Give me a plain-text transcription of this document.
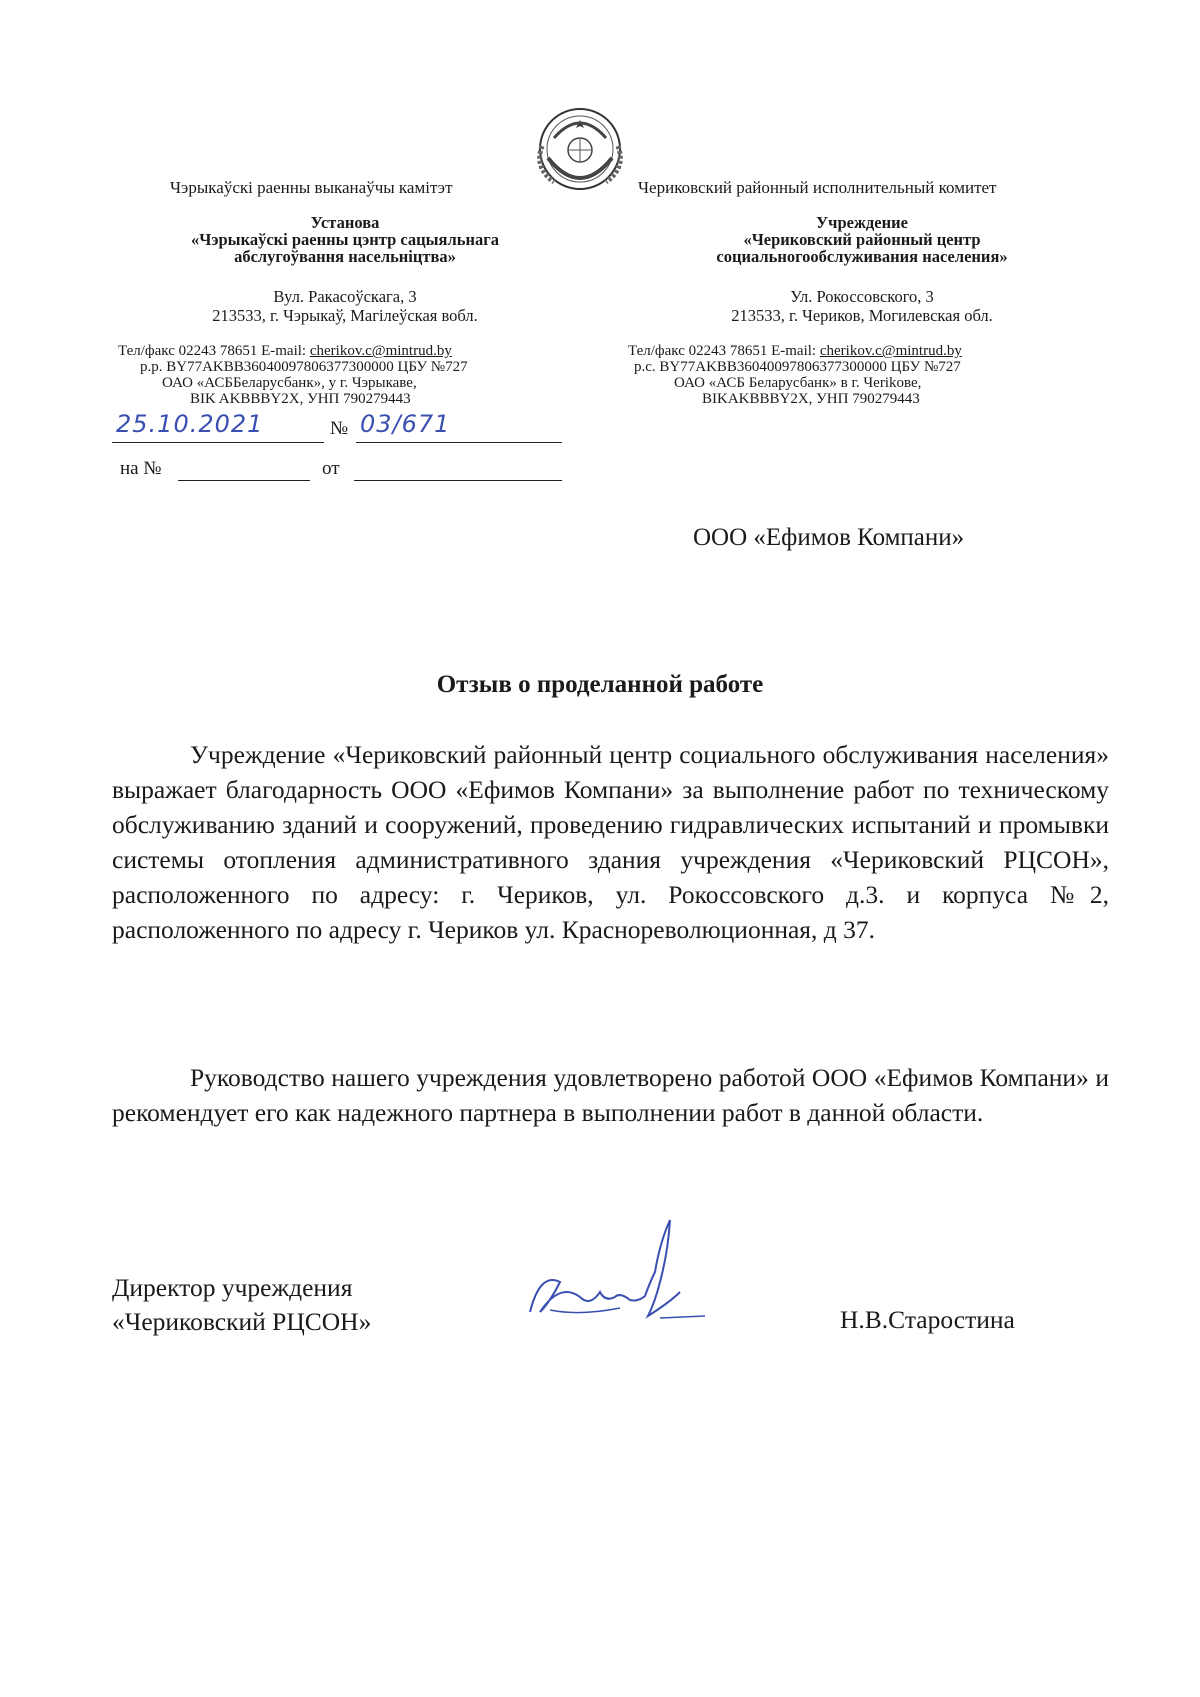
Чэрыкаўскі раенны выканаўчы камітэт	Чериковский районный исполнительный комитет

Установа

«Чэрыкаўскі раенны цэнтр сацыяльнага

абслугоўвання насельніцтва»

Учреждение

«Чериковский районный центр

социальногообслуживания населения»

Вул. Ракасоўскага, 3
213533, г. Чэрыкаў, Магілеўская вобл.
Ул. Рокоссовского, 3
213533, г. Чериков, Могилевская обл.
Тел/факс 02243 78651 E-mail: cherikov.c@mintrud.by
р.р. BY77AKBB36040097806377300000 ЦБУ №727
ОАО «АСББеларусбанк», у г. Чэрыкаве,
BIK AKBBBY2X, УНП 790279443
Тел/факс 02243 78651 E-mail: cherikov.c@mintrud.by
р.с. BY77AKBB36040097806377300000 ЦБУ №727
ОАО «АСБ Беларусбанк» в г. Чerikове,
BIKAKBBBY2X, УНП 790279443
25.10.2021	№ 03/671
на №	от
ООО «Ефимов Компани»
Отзыв о проделанной работе

Учреждение «Чериковский районный центр социального обслуживания населения» выражает благодарность ООО «Ефимов Компани» за выполнение работ по техническому обслуживанию зданий и сооружений, проведению гидравлических испытаний и промывки системы отопления административного здания учреждения «Чериковский РЦСОН», расположенного по адресу: г. Чериков, ул. Рокоссовского д.3. и корпуса №2, расположенного по адресу г. Чериков ул. Краснореволюционная, д 37.

Руководство нашего учреждения удовлетворено работой ООО «Ефимов Компани» и рекомендует его как надежного партнера в выполнении работ в данной области.

Директор учреждения
«Чериковский РЦСОН»	Н.В.Старостина
